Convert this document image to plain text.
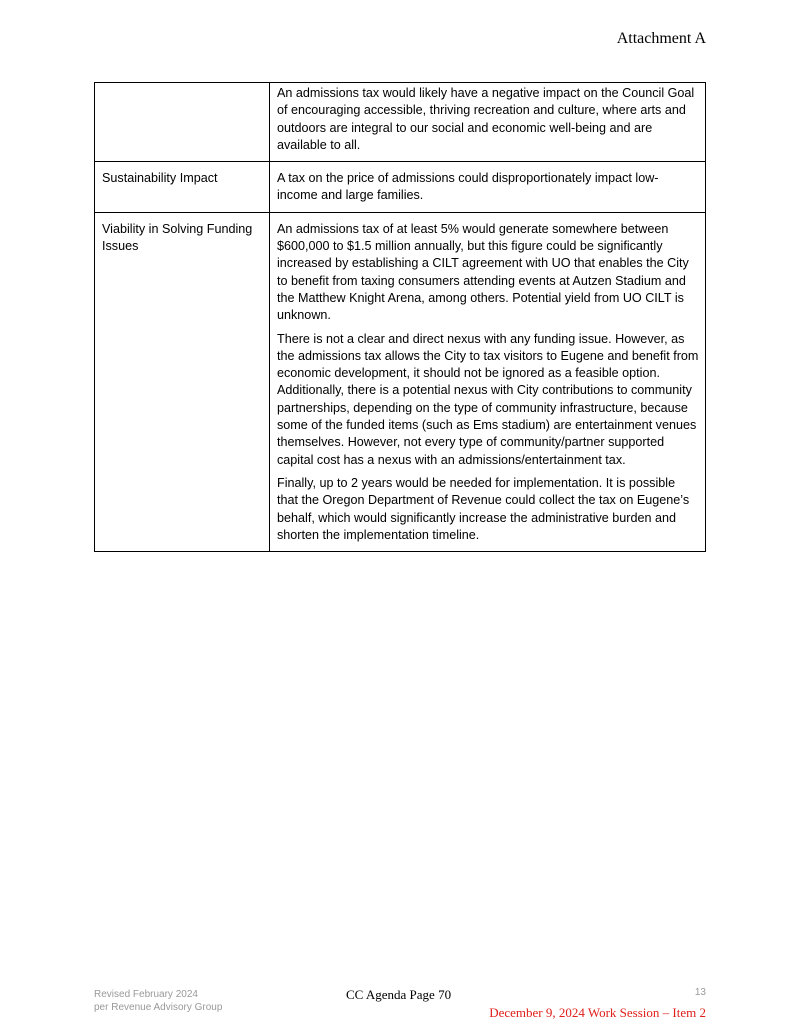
Attachment A

	An admissions tax would likely have a negative impact on the Council Goal of encouraging accessible, thriving recreation and culture, where arts and outdoors are integral to our social and economic well-being and are available to all.

Sustainability Impact	A tax on the price of admissions could disproportionately impact low-income and large families.

Viability in Solving Funding Issues	An admissions tax of at least 5% would generate somewhere between $600,000 to $1.5 million annually, but this figure could be significantly increased by establishing a CILT agreement with UO that enables the City to benefit from taxing consumers attending events at Autzen Stadium and the Matthew Knight Arena, among others. Potential yield from UO CILT is unknown.

There is not a clear and direct nexus with any funding issue. However, as the admissions tax allows the City to tax visitors to Eugene and benefit from economic development, it should not be ignored as a feasible option. Additionally, there is a potential nexus with City contributions to community partnerships, depending on the type of community infrastructure, because some of the funded items (such as Ems stadium) are entertainment venues themselves. However, not every type of community/partner supported capital cost has a nexus with an admissions/entertainment tax.

Finally, up to 2 years would be needed for implementation. It is possible that the Oregon Department of Revenue could collect the tax on Eugene’s behalf, which would significantly increase the administrative burden and shorten the implementation timeline.

Revised February 2024
per Revenue Advisory Group
CC Agenda Page 70	13
December 9, 2024 Work Session – Item 2
